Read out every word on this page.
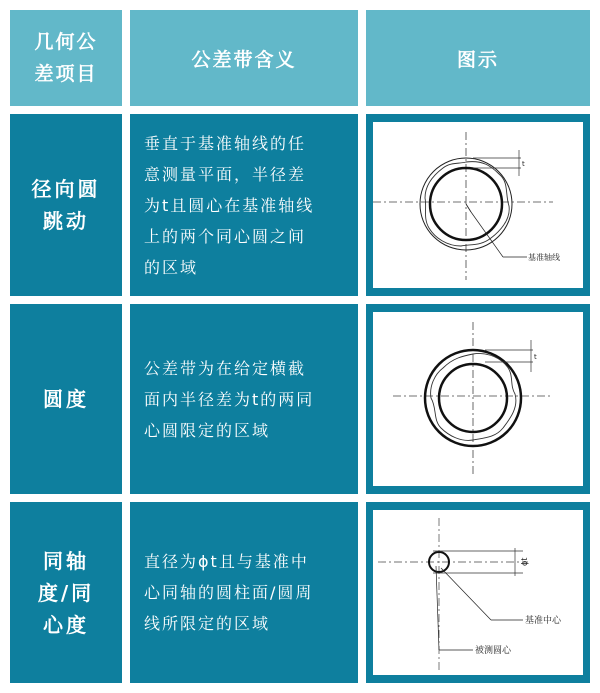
几何公
差项目
公差带含义	图示
径向圆
跳动
垂直于基准轴线的任
意测量平面，半径差
为t且圆心在基准轴线
上的两个同心圆之间
的区域
t
基准轴线
圆度
公差带为在给定横截
面内半径差为t的两同
心圆限定的区域
t
同轴
度/同
心度
直径为ϕt且与基准中
心同轴的圆柱面/圆周
线所限定的区域
ϕt
基准中心
被测圆心
